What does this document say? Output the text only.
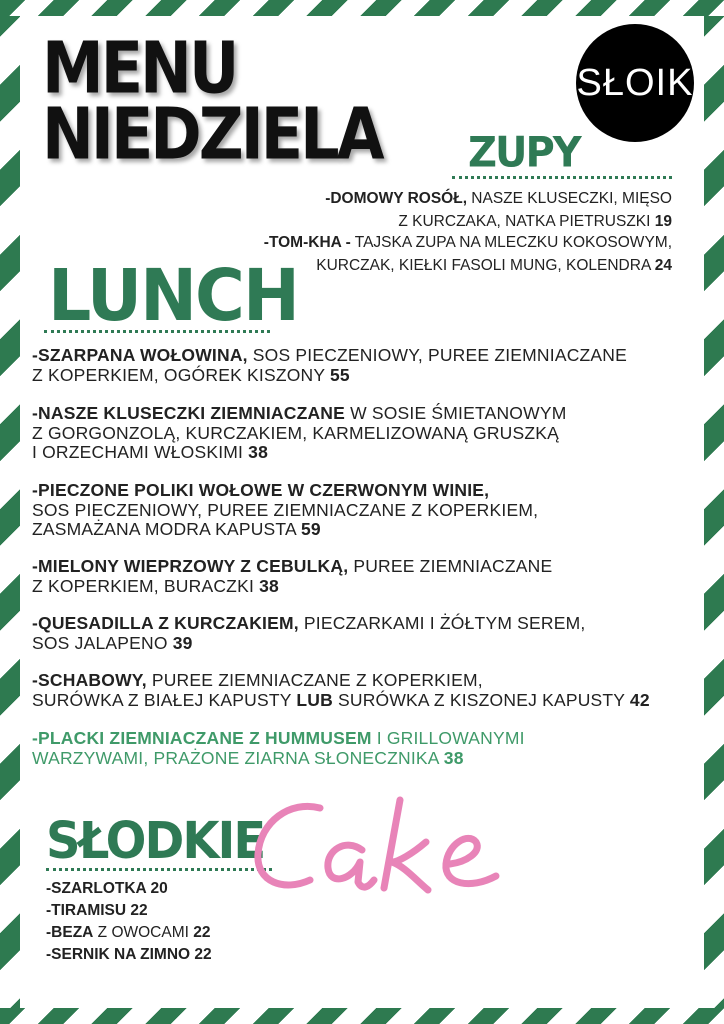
MENU
NIEDZIELA
SŁOIK
ZUPY
-DOMOWY ROSÓŁ, NASZE KLUSECZKI, MIĘSO
Z KURCZAKA, NATKA PIETRUSZKI 19
-TOM-KHA - TAJSKA ZUPA NA MLECZKU KOKOSOWYM,
KURCZAK, KIEŁKI FASOLI MUNG, KOLENDRA 24
LUNCH
-SZARPANA WOŁOWINA, SOS PIECZENIOWY, PUREE ZIEMNIACZANE
Z KOPERKIEM, OGÓREK KISZONY 55
-NASZE KLUSECZKI ZIEMNIACZANE W SOSIE ŚMIETANOWYM
Z GORGONZOLĄ, KURCZAKIEM, KARMELIZOWANĄ GRUSZKĄ
I ORZECHAMI WŁOSKIMI 38
-PIECZONE POLIKI WOŁOWE W CZERWONYM WINIE,
SOS PIECZENIOWY, PUREE ZIEMNIACZANE Z KOPERKIEM,
ZASMAŻANA MODRA KAPUSTA 59
-MIELONY WIEPRZOWY Z CEBULKĄ, PUREE ZIEMNIACZANE
Z KOPERKIEM, BURACZKI 38
-QUESADILLA Z KURCZAKIEM, PIECZARKAMI I ŻÓŁTYM SEREM,
SOS JALAPENO 39
-SCHABOWY, PUREE ZIEMNIACZANE Z KOPERKIEM,
SURÓWKA Z BIAŁEJ KAPUSTY LUB SURÓWKA Z KISZONEJ KAPUSTY 42
-PLACKI ZIEMNIACZANE Z HUMMUSEM I GRILLOWANYMI
WARZYWAMI, PRAŻONE ZIARNA SŁONECZNIKA 38
SŁODKIE
-SZARLOTKA 20
-TIRAMISU 22
-BEZA Z OWOCAMI 22
-SERNIK NA ZIMNO 22
